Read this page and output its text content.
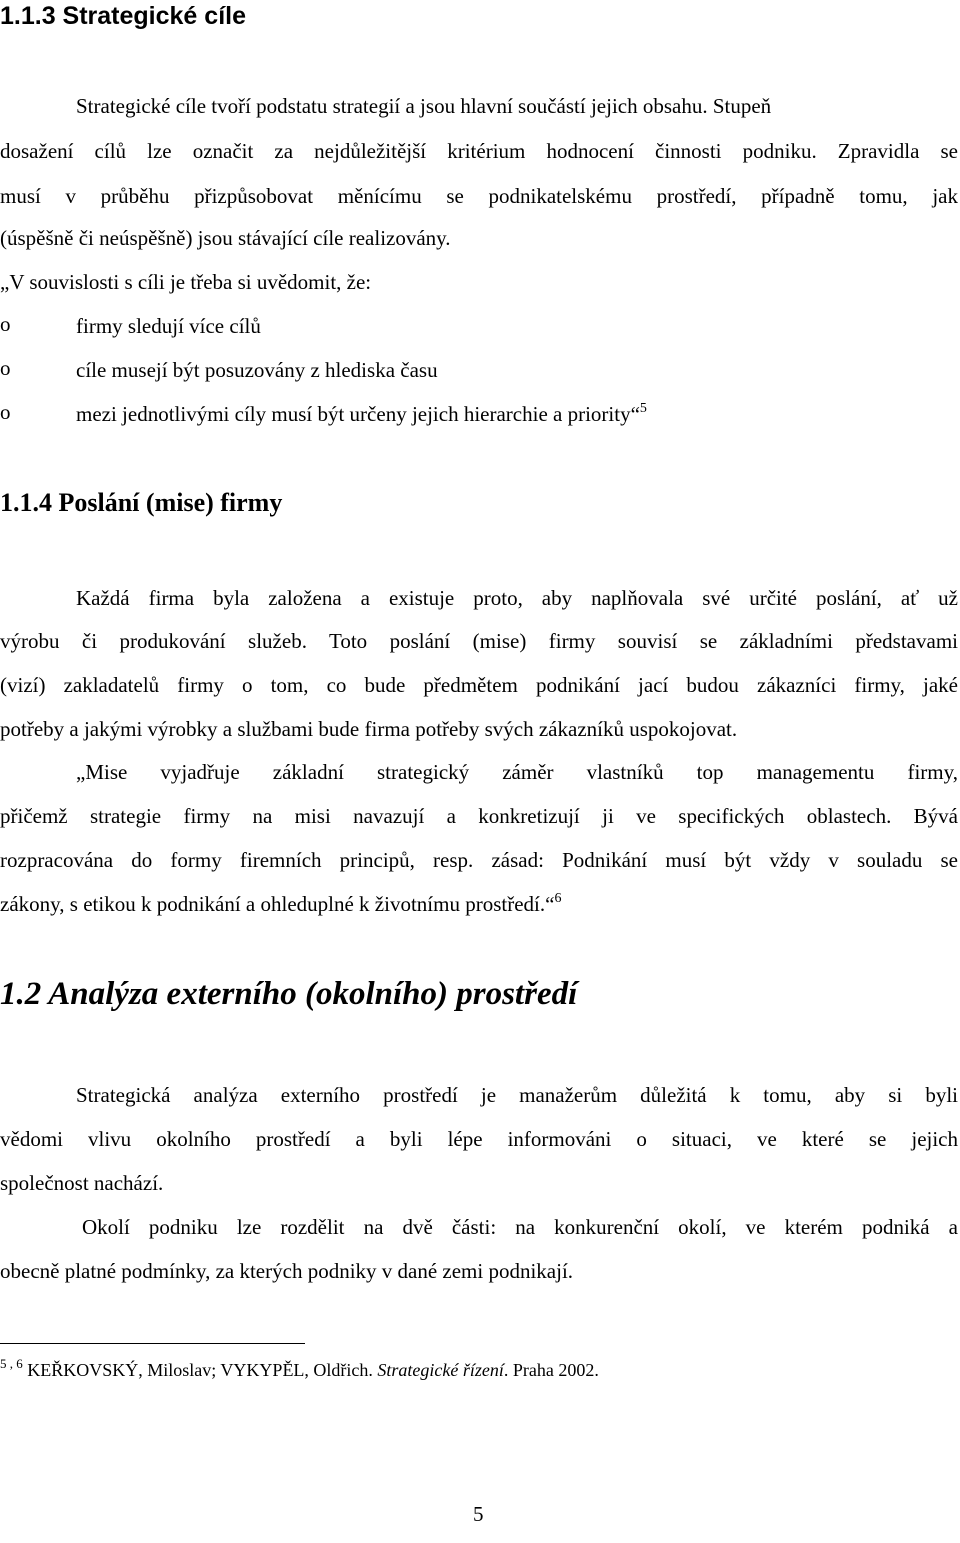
1.1.3 Strategické cíle
Strategické cíle tvoří podstatu strategií a jsou hlavní součástí jejich obsahu. Stupeň
dosažení cílů lze označit za nejdůležitější kritérium hodnocení činnosti podniku. Zpravidla se
musí v průběhu přizpůsobovat měnícímu se podnikatelskému prostředí, případně tomu, jak
(úspěšně či neúspěšně) jsou stávající cíle realizovány.
„V souvislosti s cíli je třeba si uvědomit, že:
o	firmy sledují více cílů
o	cíle musejí být posuzovány z hlediska času
o	mezi jednotlivými cíly musí být určeny jejich hierarchie a priority“$^5$
1.1.4 Poslání (mise) firmy
Každá firma byla založena a existuje proto, aby naplňovala své určité poslání, ať už
výrobu či produkování služeb. Toto poslání (mise) firmy souvisí se základními představami
(vizí) zakladatelů firmy o tom, co bude předmětem podnikání jací budou zákazníci firmy, jaké
potřeby a jakými výrobky a službami bude firma potřeby svých zákazníků uspokojovat.
„Mise vyjadřuje základní strategický záměr vlastníků top managementu firmy,
přičemž strategie firmy na misi navazují a konkretizují ji ve specifických oblastech. Bývá
rozpracována do formy firemních principů, resp. zásad: Podnikání musí být vždy v souladu se
zákony, s etikou k podnikání a ohleduplné k životnímu prostředí.“$^6$
1.2 Analýza externího (okolního) prostředí
Strategická analýza externího prostředí je manažerům důležitá k tomu, aby si byli
vědomi vlivu okolního prostředí a byli lépe informováni o situaci, ve které se jejich
společnost nachází.
Okolí podniku lze rozdělit na dvě části: na konkurenční okolí, ve kterém podniká a
obecně platné podmínky, za kterých podniky v dané zemi podnikají.
$^{5 , 6}$ KEŘKOVSKÝ, Miloslav; VYKYPĚL, Oldřich. Strategické řízení. Praha 2002.
5
